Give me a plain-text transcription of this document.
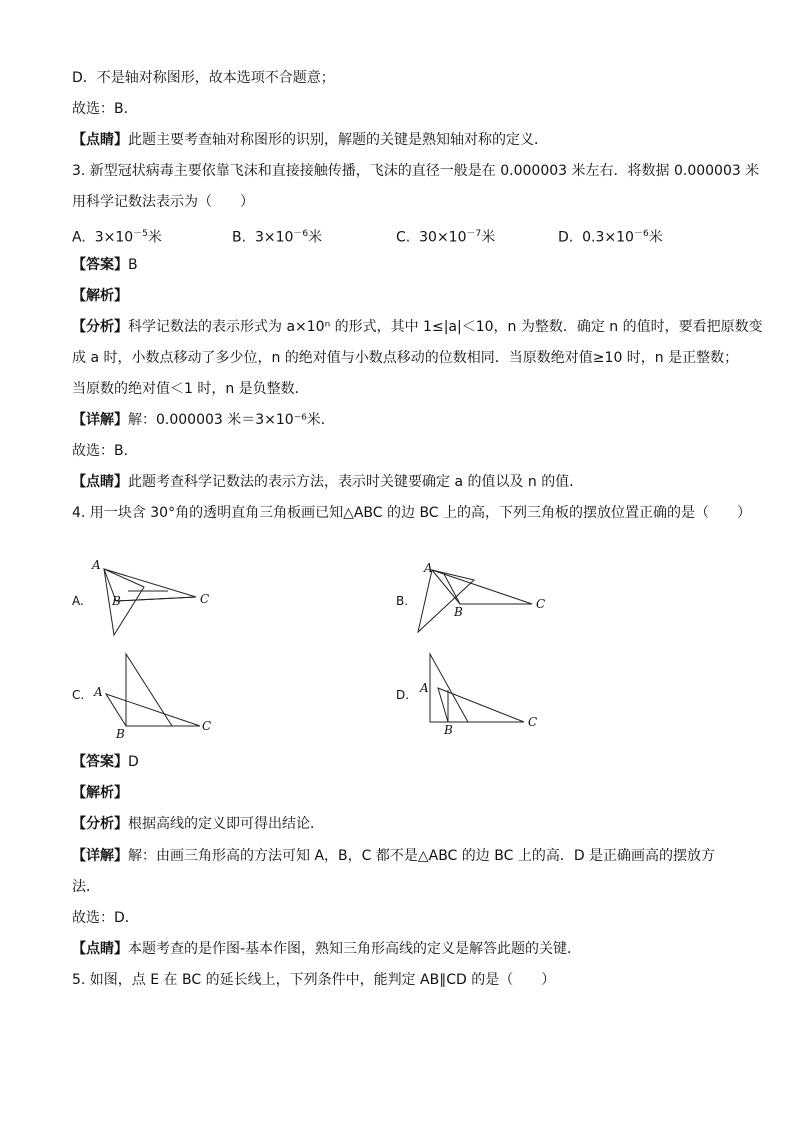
D．不是轴对称图形，故本选项不合题意；
故选：B．
【点睛】此题主要考查轴对称图形的识别，解题的关键是熟知轴对称的定义．
3. 新型冠状病毒主要依靠飞沫和直接接触传播，飞沫的直径一般是在 0.000003 米左右．将数据 0.000003 米
用科学记数法表示为（　　）
A. $3\times 10^{-5}$米	B. $3\times 10^{-6}$米	C. $30\times 10^{-7}$米	D. $0.3\times 10^{-6}$米
【答案】B
【解析】
【分析】科学记数法的表示形式为 a×10ⁿ 的形式，其中 1≤|a|＜10，n 为整数．确定 n 的值时，要看把原数变
成 a 时，小数点移动了多少位，n 的绝对值与小数点移动的位数相同．当原数绝对值≥10 时，n 是正整数；
当原数的绝对值＜1 时，n 是负整数．
【详解】解：0.000003 米＝3×10⁻⁶米．
故选：B．
【点睛】此题考查科学记数法的表示方法，表示时关键要确定 a 的值以及 n 的值．
4. 用一块含 30°角的透明直角三角板画已知△ABC 的边 BC 上的高，下列三角板的摆放位置正确的是（　　）
A.
A
B	C	B.
A
B
C
C. A
B
C
D. A
B
C
【答案】D
【解析】
【分析】根据高线的定义即可得出结论．
【详解】解：由画三角形高的方法可知 A，B，C 都不是△ABC 的边 BC 上的高．D 是正确画高的摆放方
法．
故选：D．
【点睛】本题考查的是作图-基本作图，熟知三角形高线的定义是解答此题的关键．
5. 如图，点 E 在 BC 的延长线上，下列条件中，能判定 AB∥CD 的是（　　）
